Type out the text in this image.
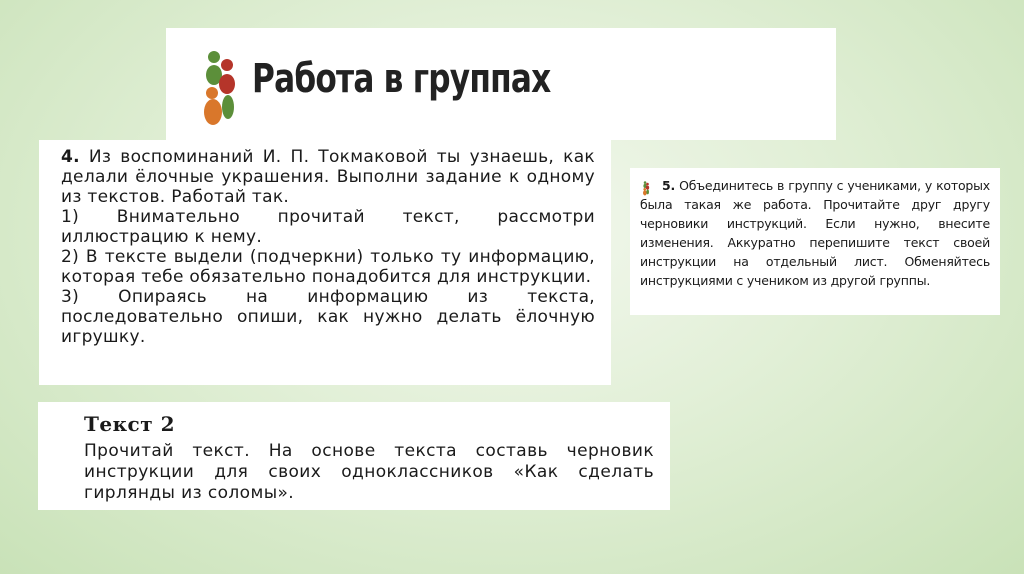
Работа в группах

4. Из воспоминаний И. П. Токмаковой ты узнаешь, как делали ёлочные украшения. Выполни задание к одному из текстов. Работай так.

1) Внимательно прочитай текст, рассмотри иллюстрацию к нему.

2) В тексте выдели (подчеркни) только ту информацию, которая тебе обязательно понадобится для инструкции.

3) Опираясь на информацию из текста, последовательно опиши, как нужно делать ёлочную игрушку.

5. Объединитесь в группу с учениками, у которых была такая же работа. Прочитайте друг другу черновики инструкций. Если нужно, внесите изменения. Аккуратно перепишите текст своей инструкции на отдельный лист. Обменяйтесь инструкциями с учеником из другой группы.

Текст 2

Прочитай текст. На основе текста составь черновик инструкции для своих одноклассников «Как сделать гирлянды из соломы».
